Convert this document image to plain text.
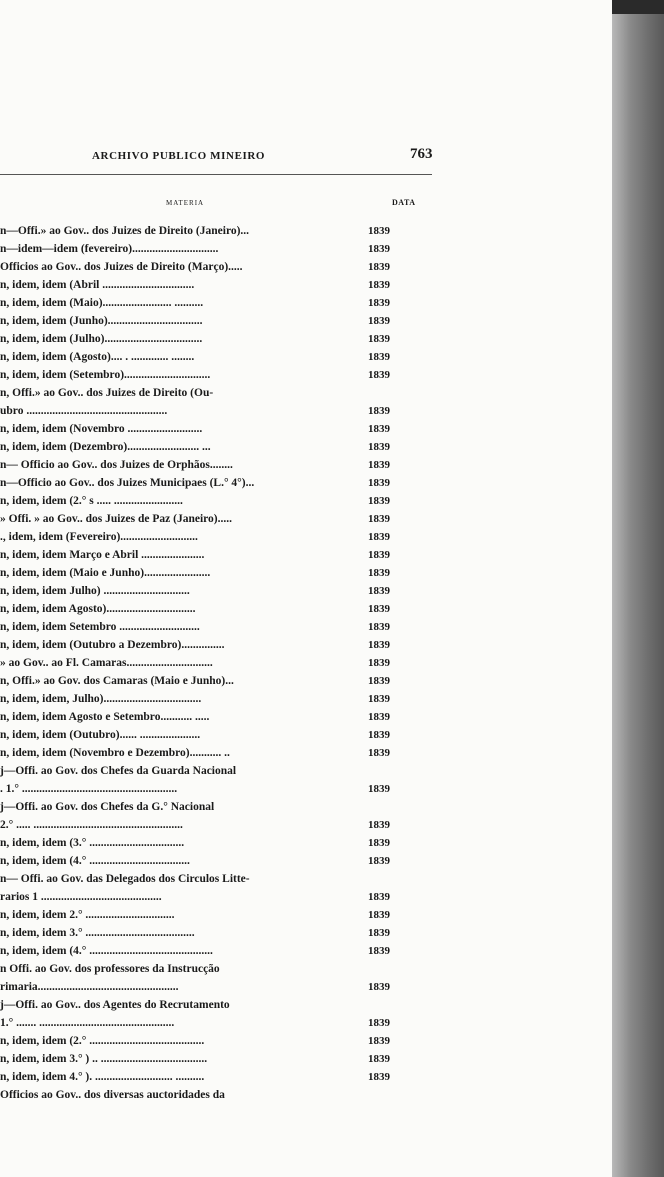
ARCHIVO PUBLICO MINEIRO	763
MATERIA	DATA
n—Offi.» ao Gov.. dos Juizes de Direito (Janeiro)...	1839
n—idem—idem (fevereiro)..............................	1839
Officios ao Gov.. dos Juizes de Direito (Março).....	1839
n, idem, idem (Abril ................................	1839
n, idem, idem (Maio)........................ ..........	1839
n, idem, idem (Junho).................................	1839
n, idem, idem (Julho)..................................	1839
n, idem, idem (Agosto).... . ............. ........	1839
n, idem, idem (Setembro)..............................	1839
n, Offi.» ao Gov.. dos Juizes de Direito (Ou-
ubro .................................................	1839
n, idem, idem (Novembro ..........................	1839
n, idem, idem (Dezembro)......................... ...	1839
n— Officio ao Gov.. dos Juizes de Orphãos........	1839
n—Officio ao Gov.. dos Juizes Municipaes (L.° 4°)...	1839
n, idem, idem (2.° s ..... ........................	1839
» Offi. » ao Gov.. dos Juizes de Paz (Janeiro).....	1839
., idem, idem (Fevereiro)...........................	1839
n, idem, idem Março e Abril ......................	1839
n, idem, idem (Maio e Junho).......................	1839
n, idem, idem Julho) ..............................	1839
n, idem, idem Agosto)...............................	1839
n, idem, idem Setembro ............................	1839
n, idem, idem (Outubro a Dezembro)...............	1839
» ao Gov.. ao Fl. Camaras..............................	1839
n, Offi.» ao Gov. dos Camaras (Maio e Junho)...	1839
n, idem, idem, Julho)..................................	1839
n, idem, idem Agosto e Setembro........... .....	1839
n, idem, idem (Outubro)...... .....................	1839
n, idem, idem (Novembro e Dezembro)........... ..	1839
j—Offi. ao Gov. dos Chefes da Guarda Nacional
. 1.° ......................................................	1839
j—Offi. ao Gov. dos Chefes da G.° Nacional
2.° ..... ....................................................	1839
n, idem, idem (3.° .................................	1839
n, idem, idem (4.° ...................................	1839
n— Offi. ao Gov. das Delegados dos Circulos Litte-
rarios 1 ..........................................	1839
n, idem, idem 2.° ...............................	1839
n, idem, idem 3.° ......................................	1839
n, idem, idem (4.° ...........................................	1839
n Offi. ao Gov. dos professores da Instrucção
rimaria.................................................	1839
j—Offi. ao Gov.. dos Agentes do Recrutamento
1.° ....... ...............................................	1839
n, idem, idem (2.° ........................................	1839
n, idem, idem 3.° ) .. .....................................	1839
n, idem, idem 4.° ). ........................... ..........	1839
Officios ao Gov.. dos diversas auctoridades da
